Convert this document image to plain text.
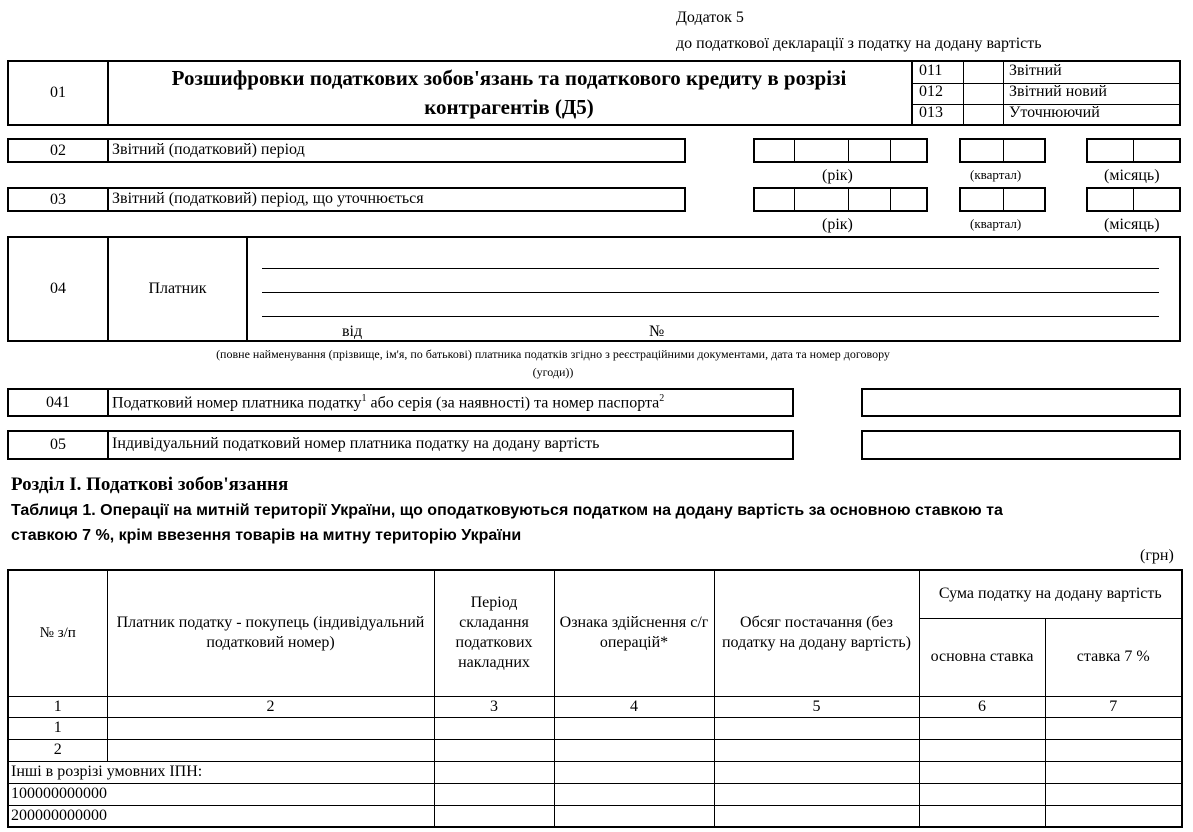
Додаток 5
до податкової декларації з податку на додану вартість
01
Розшифровки податкових зобов'язань та податкового кредиту в розрізі контрагентів (Д5)
011	Звітний
012	Звітний новий
013	Уточнюючий
02	Звітний (податковий) період
(рік)	(квартал)	(місяць)
03	Звітний (податковий) період, що уточнюється
(рік)	(квартал)	(місяць)
04	Платник
від	№
(повне найменування (прізвище, ім'я, по батькові) платника податків згідно з реєстраційними документами, дата та номер договору
(угоди))
041	Податковий номер платника податку$^1$ або серія (за наявності) та номер паспорта$^2$
05	Індивідуальний податковий номер платника податку на додану вартість
Розділ І. Податкові зобов'язання
Таблиця 1. Операції на митній території України, що оподатковуються податком на додану вартість за основною ставкою та
ставкою 7 %, крім ввезення товарів на митну територію України
(грн)
№ з/п	Платник податку - покупець (індивідуальний податковий номер)	Період складання податкових накладних	Ознака здійснення с/г операцій*	Обсяг постачання (без податку на додану вартість)	Сума податку на додану вартість	
					основна ставка	ставка 7 %
1	2	3	4	5	6	7
1						
2						
Інші в розрізі умовних ІПН:						
100000000000						
200000000000						
